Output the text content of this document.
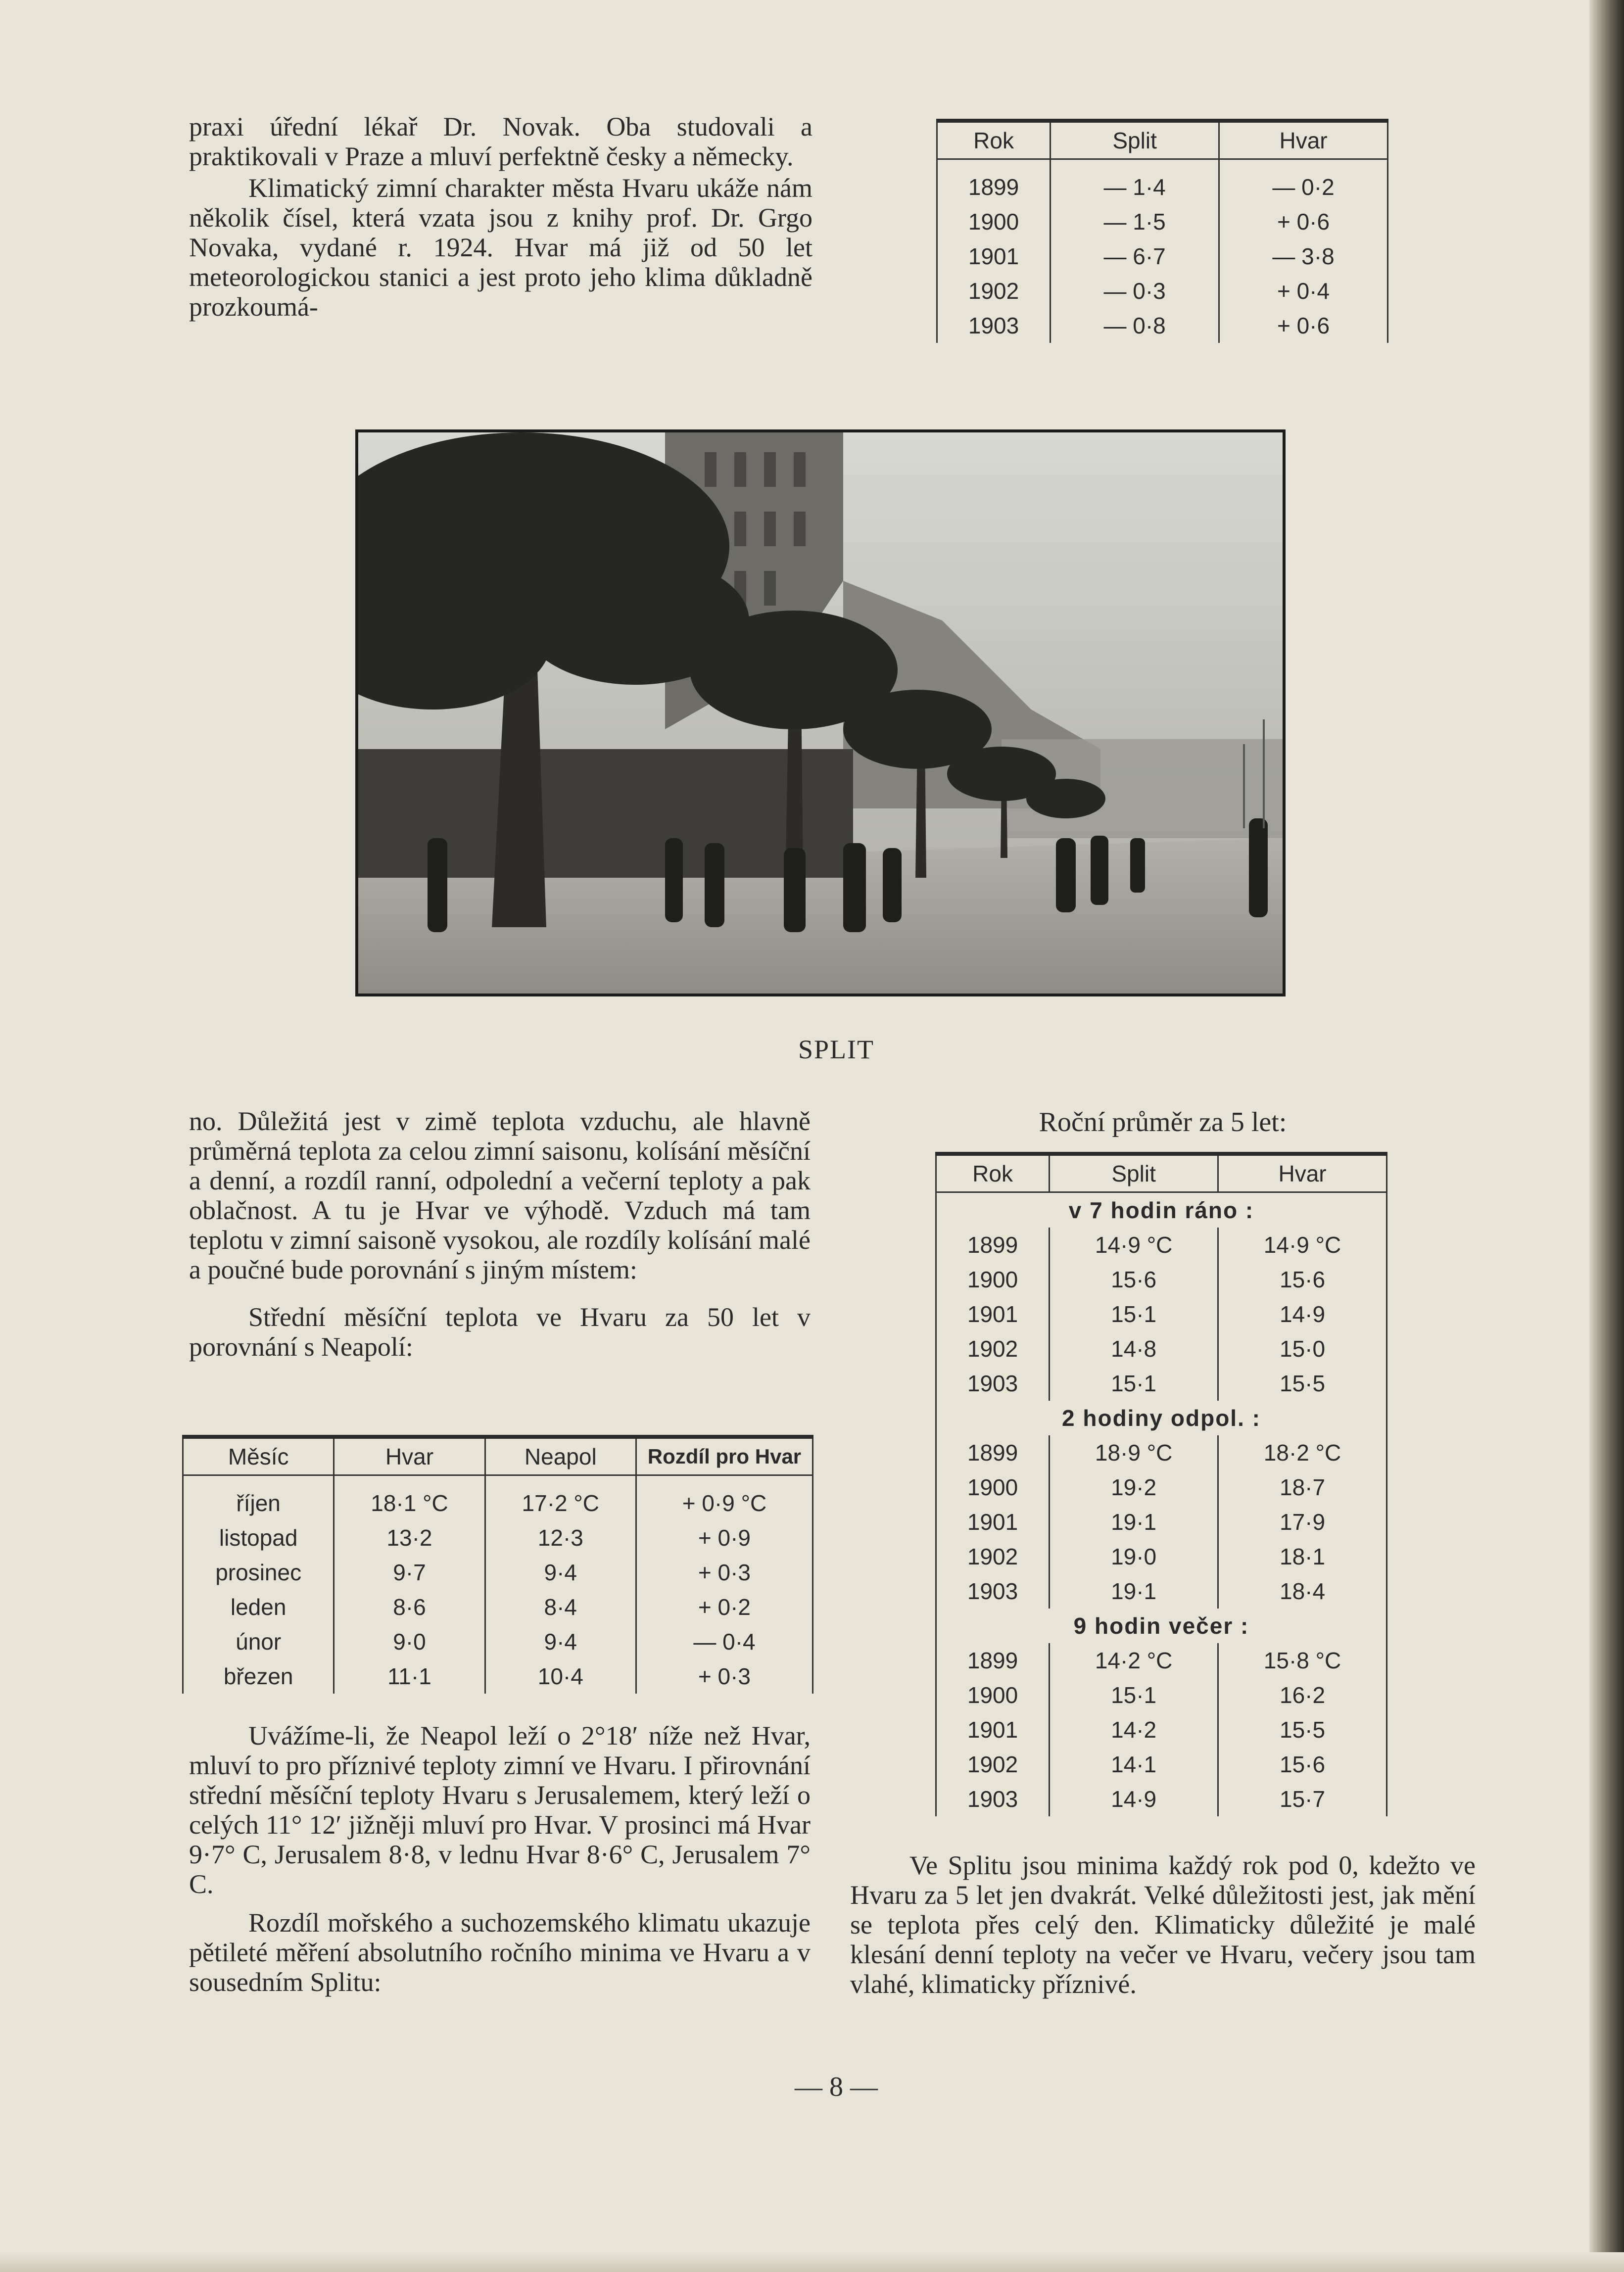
praxi úřední lékař Dr. Novak. Oba studovali a praktikovali v Praze a mluví perfektně česky a německy.

Klimatický zimní charakter města Hvaru ukáže nám několik čísel, která vzata jsou z knihy prof. Dr. Grgo Novaka, vydané r. 1924. Hvar má již od 50 let meteorologickou stanici a jest proto jeho klima důkladně prozkoumá-

Rok	Split	Hvar

1899	— 1·4	— 0·2
1900	— 1·5	+ 0·6
1901	— 6·7	— 3·8
1902	— 0·3	+ 0·4
1903	— 0·8	+ 0·6
SPLIT

no. Důležitá jest v zimě teplota vzduchu, ale hlavně průměrná teplota za celou zimní saisonu, kolísání měsíční a denní, a rozdíl ranní, odpolední a večerní teploty a pak oblačnost. A tu je Hvar ve výhodě. Vzduch má tam teplotu v zimní saisoně vysokou, ale rozdíly kolísání malé a poučné bude porovnání s jiným místem:

Střední měsíční teplota ve Hvaru za 50 let v porovnání s Neapolí:

Měsíc	Hvar	Neapol	Rozdíl pro Hvar

říjen	18·1 °C	17·2 °C	+ 0·9 °C
listopad	13·2	12·3	+ 0·9
prosinec	9·7	9·4	+ 0·3
leden	8·6	8·4	+ 0·2
únor	9·0	9·4	— 0·4
březen	11·1	10·4	+ 0·3

Uvážíme-li, že Neapol leží o 2°18′ níže než Hvar, mluví to pro příznivé teploty zimní ve Hvaru. I přirovnání střední měsíční teploty Hvaru s Jerusalemem, který leží o celých 11° 12′ jižněji mluví pro Hvar. V prosinci má Hvar 9·7° C, Jerusalem 8·8, v lednu Hvar 8·6° C, Jerusalem 7° C.

Rozdíl mořského a suchozemského klimatu ukazuje pětileté měření absolutního ročního minima ve Hvaru a v sousedním Splitu:

Roční průměr za 5 let:
Rok	Split	Hvar
v 7 hodin ráno :		
1899	14·9 °C	14·9 °C
1900	15·6	15·6
1901	15·1	14·9
1902	14·8	15·0
1903	15·1	15·5
2 hodiny odpol. :		
1899	18·9 °C	18·2 °C
1900	19·2	18·7
1901	19·1	17·9
1902	19·0	18·1
1903	19·1	18·4
9 hodin večer :		
1899	14·2 °C	15·8 °C
1900	15·1	16·2
1901	14·2	15·5
1902	14·1	15·6
1903	14·9	15·7

Ve Splitu jsou minima každý rok pod 0, kdežto ve Hvaru za 5 let jen dvakrát. Velké důležitosti jest, jak mění se teplota přes celý den. Klimaticky důležité je malé klesání denní teploty na večer ve Hvaru, večery jsou tam vlahé, klimaticky příznivé.

— 8 —
